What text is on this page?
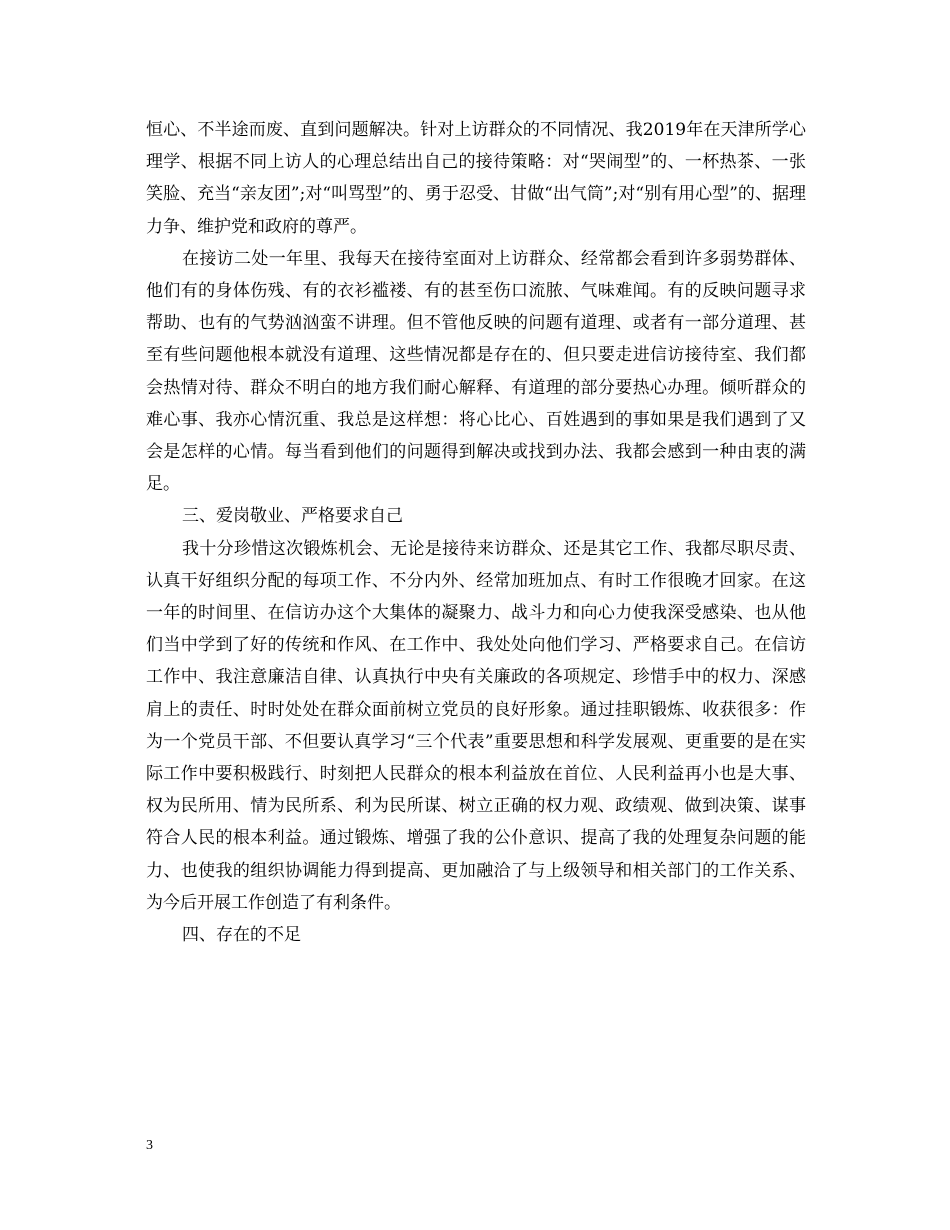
恒心、不半途而废、直到问题解决。针对上访群众的不同情况、我2019年在天津所学心理学、根据不同上访人的心理总结出自己的接待策略：对“哭闹型”的、一杯热茶、一张笑脸、充当“亲友团”;对“叫骂型”的、勇于忍受、甘做“出气筒”;对“别有用心型”的、据理力争、维护党和政府的尊严。

在接访二处一年里、我每天在接待室面对上访群众、经常都会看到许多弱势群体、他们有的身体伤残、有的衣衫褴褛、有的甚至伤口流脓、气味难闻。有的反映问题寻求帮助、也有的气势汹汹蛮不讲理。但不管他反映的问题有道理、或者有一部分道理、甚至有些问题他根本就没有道理、这些情况都是存在的、但只要走进信访接待室、我们都会热情对待、群众不明白的地方我们耐心解释、有道理的部分要热心办理。倾听群众的难心事、我亦心情沉重、我总是这样想：将心比心、百姓遇到的事如果是我们遇到了又会是怎样的心情。每当看到他们的问题得到解决或找到办法、我都会感到一种由衷的满足。

三、爱岗敬业、严格要求自己

我十分珍惜这次锻炼机会、无论是接待来访群众、还是其它工作、我都尽职尽责、认真干好组织分配的每项工作、不分内外、经常加班加点、有时工作很晚才回家。在这一年的时间里、在信访办这个大集体的凝聚力、战斗力和向心力使我深受感染、也从他们当中学到了好的传统和作风、在工作中、我处处向他们学习、严格要求自己。在信访工作中、我注意廉洁自律、认真执行中央有关廉政的各项规定、珍惜手中的权力、深感肩上的责任、时时处处在群众面前树立党员的良好形象。通过挂职锻炼、收获很多：作为一个党员干部、不但要认真学习“三个代表”重要思想和科学发展观、更重要的是在实际工作中要积极践行、时刻把人民群众的根本利益放在首位、人民利益再小也是大事、权为民所用、情为民所系、利为民所谋、树立正确的权力观、政绩观、做到决策、谋事符合人民的根本利益。通过锻炼、增强了我的公仆意识、提高了我的处理复杂问题的能力、也使我的组织协调能力得到提高、更加融洽了与上级领导和相关部门的工作关系、为今后开展工作创造了有利条件。

四、存在的不足

3
